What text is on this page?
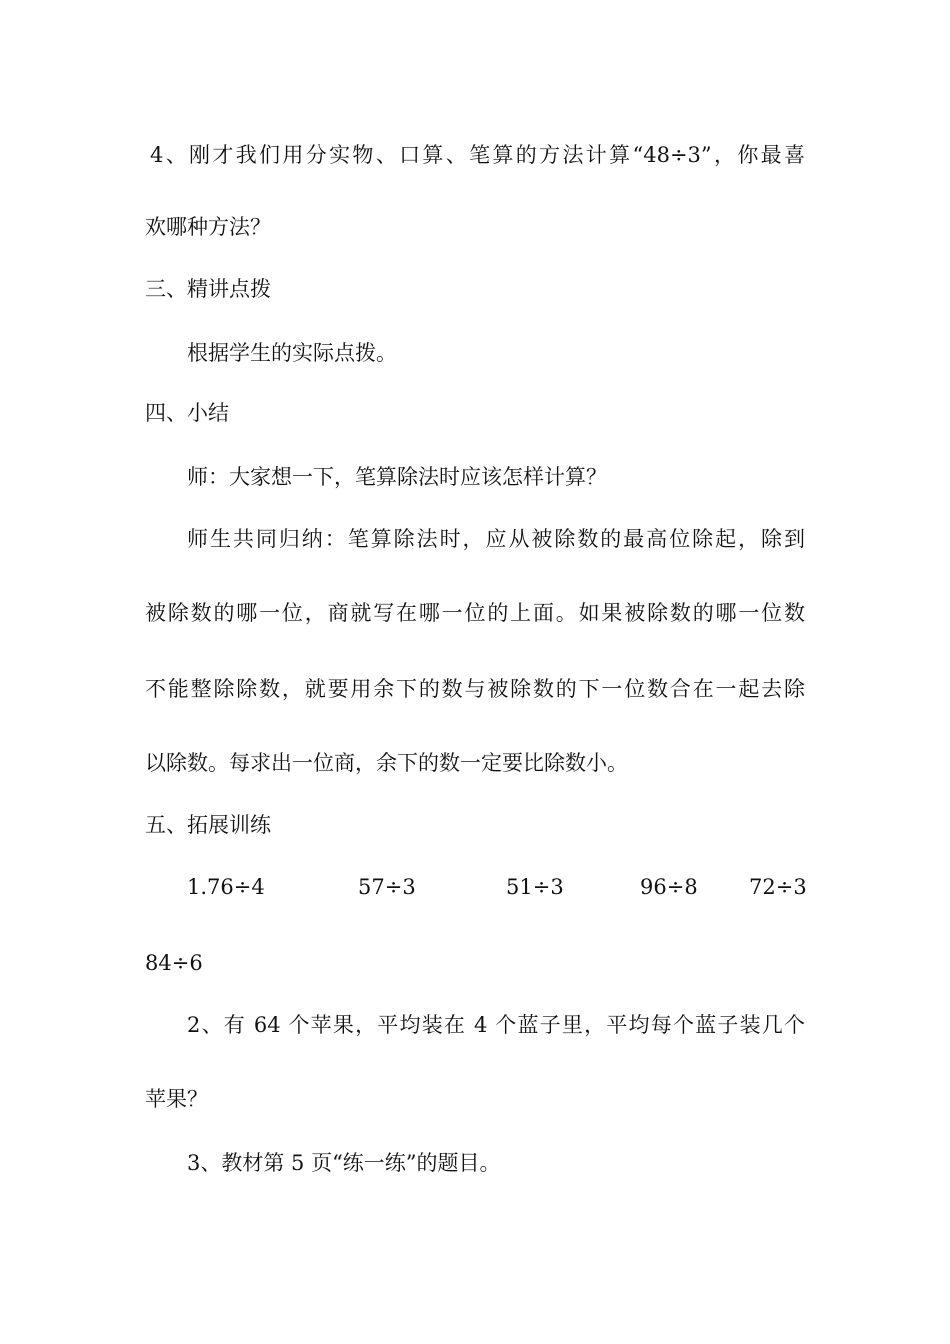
4、刚才我们用分实物、口算、笔算的方法计算“48÷3”，你最喜
欢哪种方法？
三、精讲点拨
根据学生的实际点拨。
四、小结
师：大家想一下，笔算除法时应该怎样计算？
师生共同归纳：笔算除法时，应从被除数的最高位除起，除到
被除数的哪一位，商就写在哪一位的上面。如果被除数的哪一位数
不能整除除数，就要用余下的数与被除数的下一位数合在一起去除
以除数。每求出一位商，余下的数一定要比除数小。
五、拓展训练
1.76÷4	57÷3	51÷3	96÷8 72÷3
84÷6
2、有 64 个苹果，平均装在 4 个蓝子里，平均每个蓝子装几个
苹果？
3、教材第 5 页“练一练”的题目。
